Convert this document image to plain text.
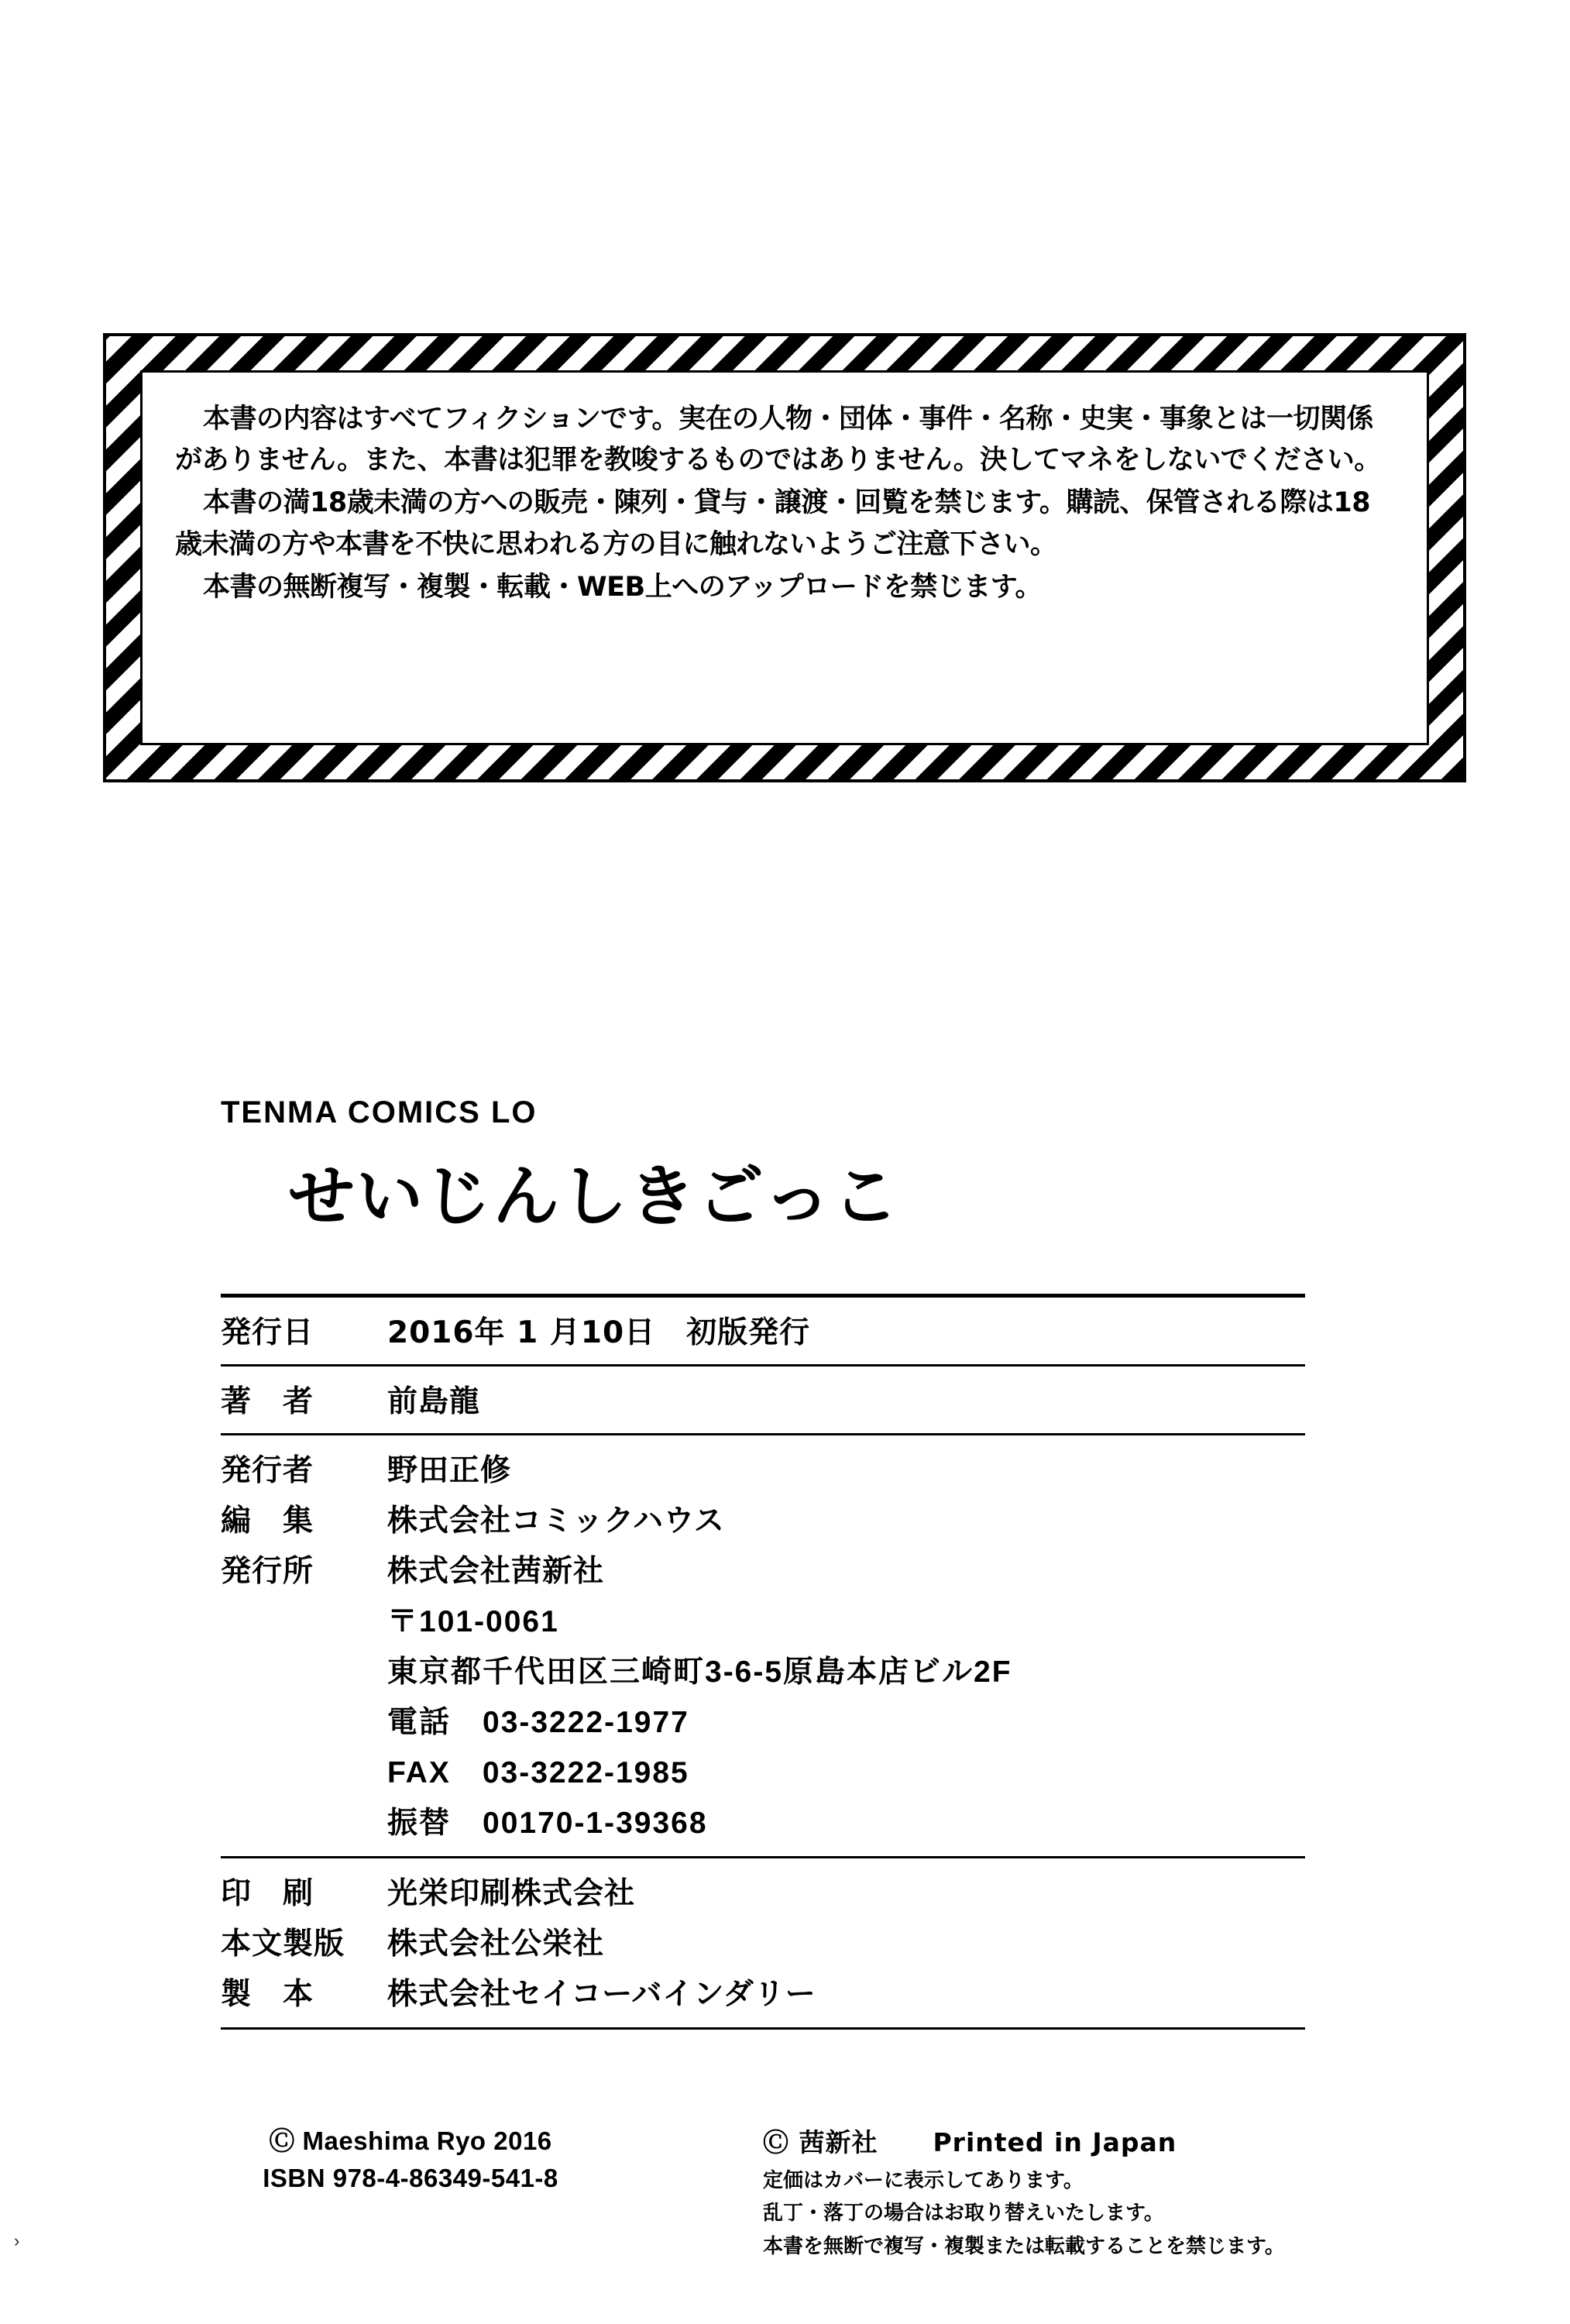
本書の内容はすべてフィクションです。実在の人物・団体・事件・名称・史実・事象とは一切関係がありません。また、本書は犯罪を教唆するものではありません。決してマネをしないでください。

本書の満18歳未満の方への販売・陳列・貸与・譲渡・回覧を禁じます。購読、保管される際は18歳未満の方や本書を不快に思われる方の目に触れないようご注意下さい。

本書の無断複写・複製・転載・WEB上へのアップロードを禁じます。

TENMA COMICS LO
せいじんしきごっこ
発行日	2016年 1 月10日　初版発行
著　者	前島龍
発行者	野田正修
編　集	株式会社コミックハウス
発行所	株式会社茜新社
〒101-0061
東京都千代田区三崎町3-6-5原島本店ビル2F
電話　03-3222-1977
FAX　03-3222-1985
振替　00170-1-39368
印　刷	光栄印刷株式会社
本文製版	株式会社公栄社
製　本	株式会社セイコーバインダリー
Ⓒ Maeshima Ryo 2016
ISBN 978-4-86349-541-8
Ⓒ 茜新社 Printed in Japan
定価はカバーに表示してあります。
乱丁・落丁の場合はお取り替えいたします。
本書を無断で複写・複製または転載することを禁じます。
›
